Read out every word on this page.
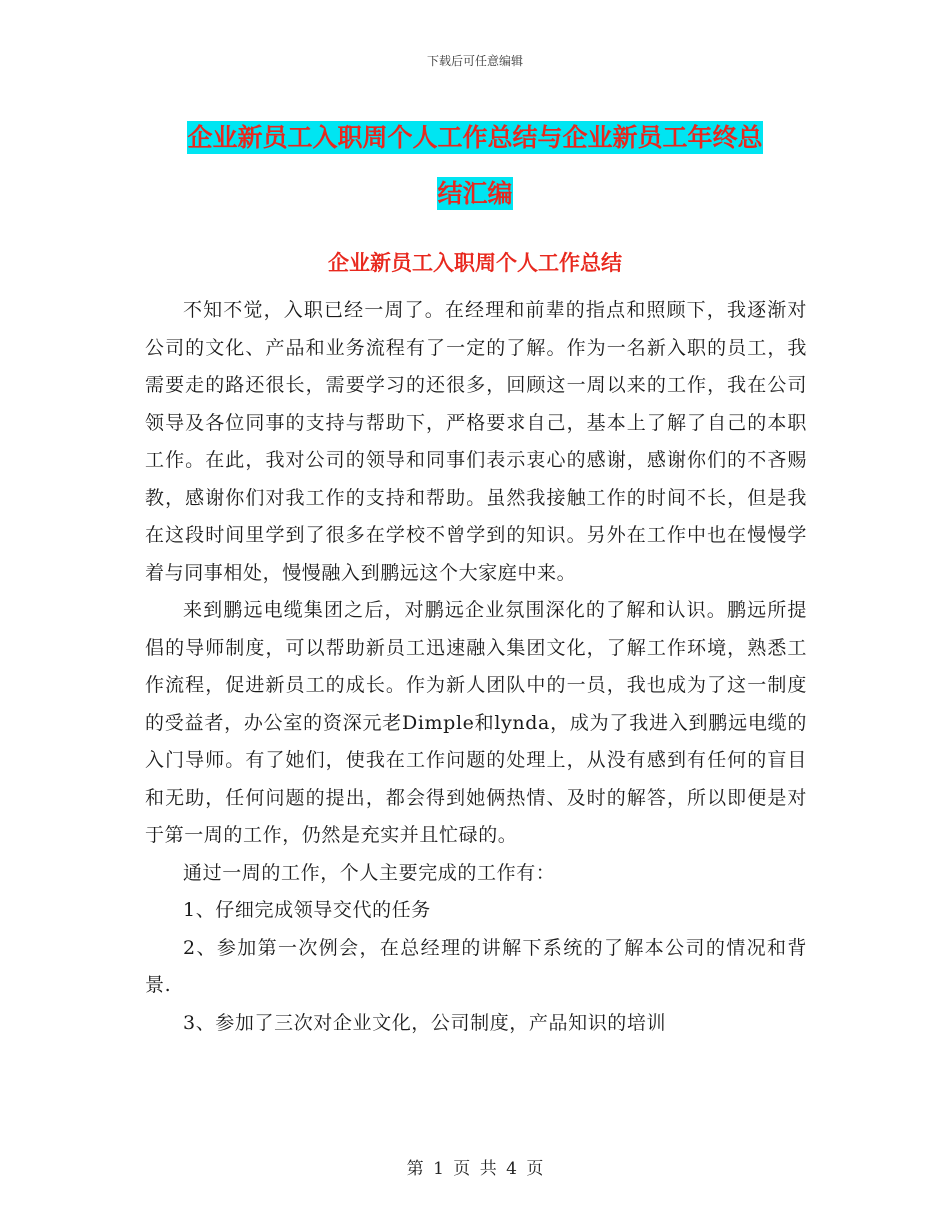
下载后可任意编辑
企业新员工入职周个人工作总结与企业新员工年终总
结汇编
企业新员工入职周个人工作总结

不知不觉，入职已经一周了。在经理和前辈的指点和照顾下，我逐渐对公司的文化、产品和业务流程有了一定的了解。作为一名新入职的员工，我需要走的路还很长，需要学习的还很多，回顾这一周以来的工作，我在公司领导及各位同事的支持与帮助下，严格要求自己，基本上了解了自己的本职工作。在此，我对公司的领导和同事们表示衷心的感谢，感谢你们的不吝赐教，感谢你们对我工作的支持和帮助。虽然我接触工作的时间不长，但是我在这段时间里学到了很多在学校不曾学到的知识。另外在工作中也在慢慢学着与同事相处，慢慢融入到鹏远这个大家庭中来。

来到鹏远电缆集团之后，对鹏远企业氛围深化的了解和认识。鹏远所提倡的导师制度，可以帮助新员工迅速融入集团文化，了解工作环境，熟悉工作流程，促进新员工的成长。作为新人团队中的一员，我也成为了这一制度的受益者，办公室的资深元老Dimple和lynda，成为了我进入到鹏远电缆的入门导师。有了她们，使我在工作问题的处理上，从没有感到有任何的盲目和无助，任何问题的提出，都会得到她俩热情、及时的解答，所以即便是对于第一周的工作，仍然是充实并且忙碌的。

通过一周的工作，个人主要完成的工作有：

1、仔细完成领导交代的任务

2、参加第一次例会，在总经理的讲解下系统的了解本公司的情况和背景.

3、参加了三次对企业文化，公司制度，产品知识的培训

第 1 页 共 4 页
